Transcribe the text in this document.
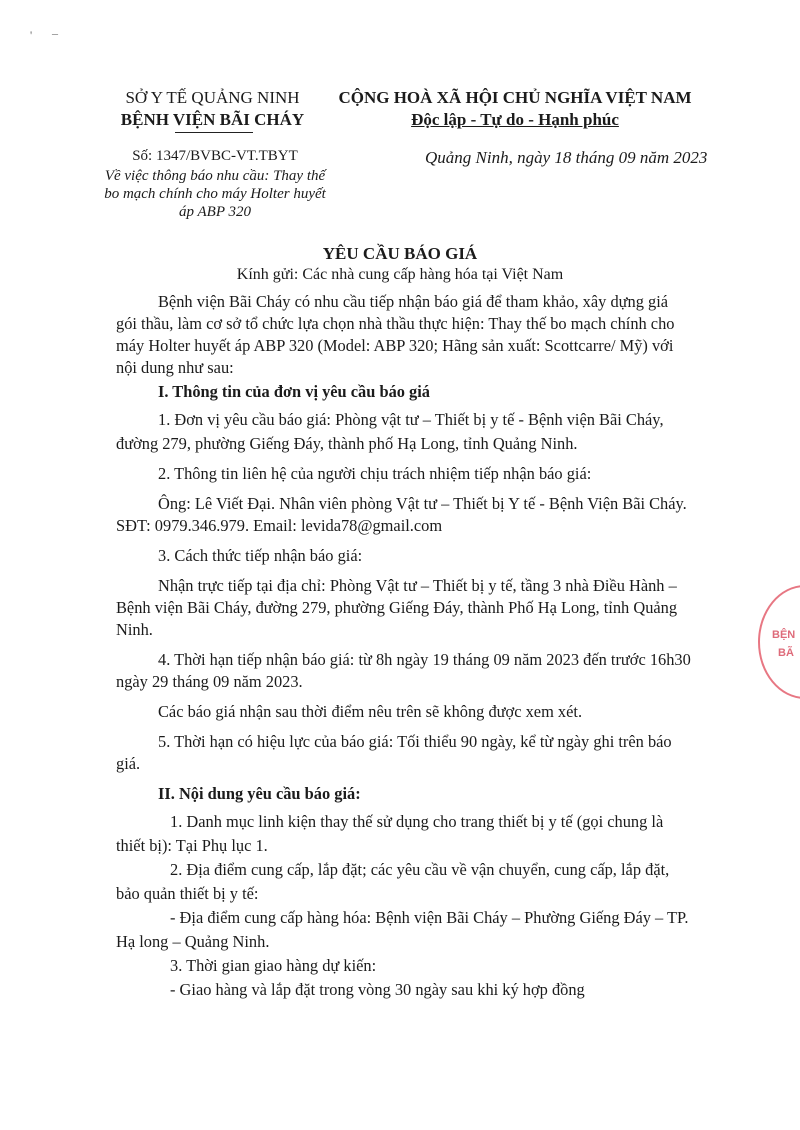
' –
SỞ Y TẾ QUẢNG NINH
BỆNH VIỆN BÃI CHÁY
CỘNG HOÀ XÃ HỘI CHỦ NGHĨA VIỆT NAM
Độc lập - Tự do - Hạnh phúc
Số: 1347/BVBC-VT.TBYT
Về việc thông báo nhu cầu: Thay thế
bo mạch chính cho máy Holter huyết
áp ABP 320
Quảng Ninh, ngày 18 tháng 09 năm 2023
YÊU CẦU BÁO GIÁ
Kính gửi: Các nhà cung cấp hàng hóa tại Việt Nam
Bệnh viện Bãi Cháy có nhu cầu tiếp nhận báo giá để tham khảo, xây dựng giá
gói thầu, làm cơ sở tổ chức lựa chọn nhà thầu thực hiện: Thay thế bo mạch chính cho
máy Holter huyết áp ABP 320 (Model: ABP 320; Hãng sản xuất: Scottcarre/ Mỹ) với
nội dung như sau:
I. Thông tin của đơn vị yêu cầu báo giá
1. Đơn vị yêu cầu báo giá: Phòng vật tư – Thiết bị y tế - Bệnh viện Bãi Cháy,
đường 279, phường Giếng Đáy, thành phố Hạ Long, tỉnh Quảng Ninh.
2. Thông tin liên hệ của người chịu trách nhiệm tiếp nhận báo giá:
Ông: Lê Viết Đại. Nhân viên phòng Vật tư – Thiết bị Y tế - Bệnh Viện Bãi Cháy.
SĐT: 0979.346.979. Email: levida78@gmail.com
3. Cách thức tiếp nhận báo giá:
Nhận trực tiếp tại địa chỉ: Phòng Vật tư – Thiết bị y tế, tầng 3 nhà Điều Hành –
Bệnh viện Bãi Cháy, đường 279, phường Giếng Đáy, thành Phố Hạ Long, tỉnh Quảng
Ninh.
4. Thời hạn tiếp nhận báo giá: từ 8h ngày 19 tháng 09 năm 2023 đến trước 16h30
ngày 29 tháng 09 năm 2023.
Các báo giá nhận sau thời điểm nêu trên sẽ không được xem xét.
5. Thời hạn có hiệu lực của báo giá: Tối thiểu 90 ngày, kể từ ngày ghi trên báo
giá.
II. Nội dung yêu cầu báo giá:
1. Danh mục linh kiện thay thế sử dụng cho trang thiết bị y tế (gọi chung là
thiết bị): Tại Phụ lục 1.
2. Địa điểm cung cấp, lắp đặt; các yêu cầu về vận chuyển, cung cấp, lắp đặt,
bảo quản thiết bị y tế:
- Địa điểm cung cấp hàng hóa: Bệnh viện Bãi Cháy – Phường Giếng Đáy – TP.
Hạ long – Quảng Ninh.
3. Thời gian giao hàng dự kiến:
- Giao hàng và lắp đặt trong vòng 30 ngày sau khi ký hợp đồng
BỆN
BÃ
